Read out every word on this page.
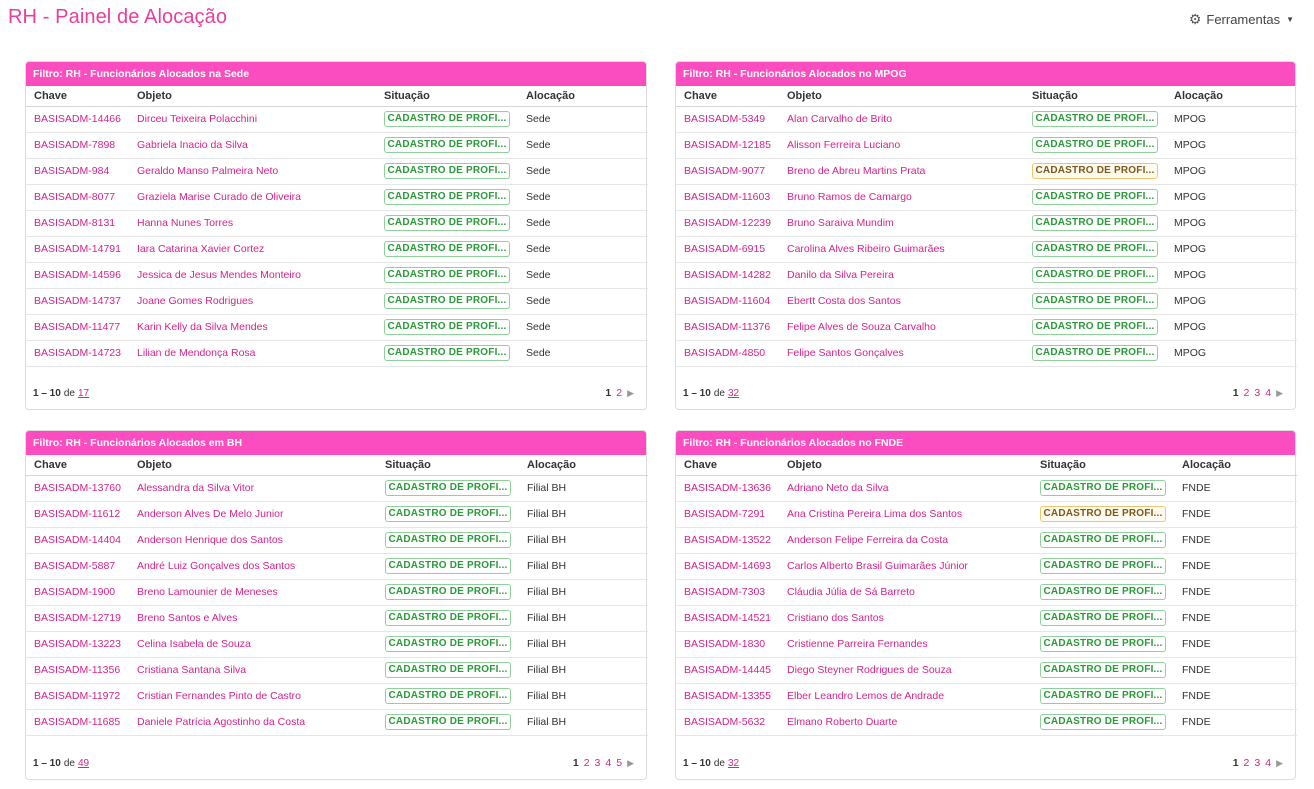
RH - Painel de Alocação	⚙ Ferramentas ▼
Filtro: RH - Funcionários Alocados na Sede
Chave	Objeto	Situação	Alocação
BASISADM-14466	Dirceu Teixeira Polacchini	CADASTRO DE PROFI...	Sede
BASISADM-7898	Gabriela Inacio da Silva	CADASTRO DE PROFI...	Sede
BASISADM-984	Geraldo Manso Palmeira Neto	CADASTRO DE PROFI...	Sede
BASISADM-8077	Graziela Marise Curado de Oliveira	CADASTRO DE PROFI...	Sede
BASISADM-8131	Hanna Nunes Torres	CADASTRO DE PROFI...	Sede
BASISADM-14791	Iara Catarina Xavier Cortez	CADASTRO DE PROFI...	Sede
BASISADM-14596	Jessica de Jesus Mendes Monteiro	CADASTRO DE PROFI...	Sede
BASISADM-14737	Joane Gomes Rodrigues	CADASTRO DE PROFI...	Sede
BASISADM-11477	Karin Kelly da Silva Mendes	CADASTRO DE PROFI...	Sede
BASISADM-14723	Lilian de Mendonça Rosa	CADASTRO DE PROFI...	Sede
1 – 10 de 17	1 2 ▶
Filtro: RH - Funcionários Alocados no MPOG
Chave	Objeto	Situação	Alocação
BASISADM-5349	Alan Carvalho de Brito	CADASTRO DE PROFI...	MPOG
BASISADM-12185	Alisson Ferreira Luciano	CADASTRO DE PROFI...	MPOG
BASISADM-9077	Breno de Abreu Martins Prata	CADASTRO DE PROFI...	MPOG
BASISADM-11603	Bruno Ramos de Camargo	CADASTRO DE PROFI...	MPOG
BASISADM-12239	Bruno Saraiva Mundim	CADASTRO DE PROFI...	MPOG
BASISADM-6915	Carolina Alves Ribeiro Guimarães	CADASTRO DE PROFI...	MPOG
BASISADM-14282	Danilo da Silva Pereira	CADASTRO DE PROFI...	MPOG
BASISADM-11604	Ebertt Costa dos Santos	CADASTRO DE PROFI...	MPOG
BASISADM-11376	Felipe Alves de Souza Carvalho	CADASTRO DE PROFI...	MPOG
BASISADM-4850	Felipe Santos Gonçalves	CADASTRO DE PROFI...	MPOG
1 – 10 de 32	1 2 3 4 ▶
Filtro: RH - Funcionários Alocados em BH
Chave	Objeto	Situação	Alocação
BASISADM-13760	Alessandra da Silva Vitor	CADASTRO DE PROFI...	Filial BH
BASISADM-11612	Anderson Alves De Melo Junior	CADASTRO DE PROFI...	Filial BH
BASISADM-14404	Anderson Henrique dos Santos	CADASTRO DE PROFI...	Filial BH
BASISADM-5887	André Luiz Gonçalves dos Santos	CADASTRO DE PROFI...	Filial BH
BASISADM-1900	Breno Lamounier de Meneses	CADASTRO DE PROFI...	Filial BH
BASISADM-12719	Breno Santos e Alves	CADASTRO DE PROFI...	Filial BH
BASISADM-13223	Celina Isabela de Souza	CADASTRO DE PROFI...	Filial BH
BASISADM-11356	Cristiana Santana Silva	CADASTRO DE PROFI...	Filial BH
BASISADM-11972	Cristian Fernandes Pinto de Castro	CADASTRO DE PROFI...	Filial BH
BASISADM-11685	Daniele Patrícia Agostinho da Costa	CADASTRO DE PROFI...	Filial BH
1 – 10 de 49	1 2 3 4 5 ▶
Filtro: RH - Funcionários Alocados no FNDE
Chave	Objeto	Situação	Alocação
BASISADM-13636	Adriano Neto da Silva	CADASTRO DE PROFI...	FNDE
BASISADM-7291	Ana Cristina Pereira Lima dos Santos	CADASTRO DE PROFI...	FNDE
BASISADM-13522	Anderson Felipe Ferreira da Costa	CADASTRO DE PROFI...	FNDE
BASISADM-14693	Carlos Alberto Brasil Guimarães Júnior	CADASTRO DE PROFI...	FNDE
BASISADM-7303	Cláudia Júlia de Sá Barreto	CADASTRO DE PROFI...	FNDE
BASISADM-14521	Cristiano dos Santos	CADASTRO DE PROFI...	FNDE
BASISADM-1830	Cristienne Parreira Fernandes	CADASTRO DE PROFI...	FNDE
BASISADM-14445	Diego Steyner Rodrigues de Souza	CADASTRO DE PROFI...	FNDE
BASISADM-13355	Elber Leandro Lemos de Andrade	CADASTRO DE PROFI...	FNDE
BASISADM-5632	Elmano Roberto Duarte	CADASTRO DE PROFI...	FNDE
1 – 10 de 32	1 2 3 4 ▶
